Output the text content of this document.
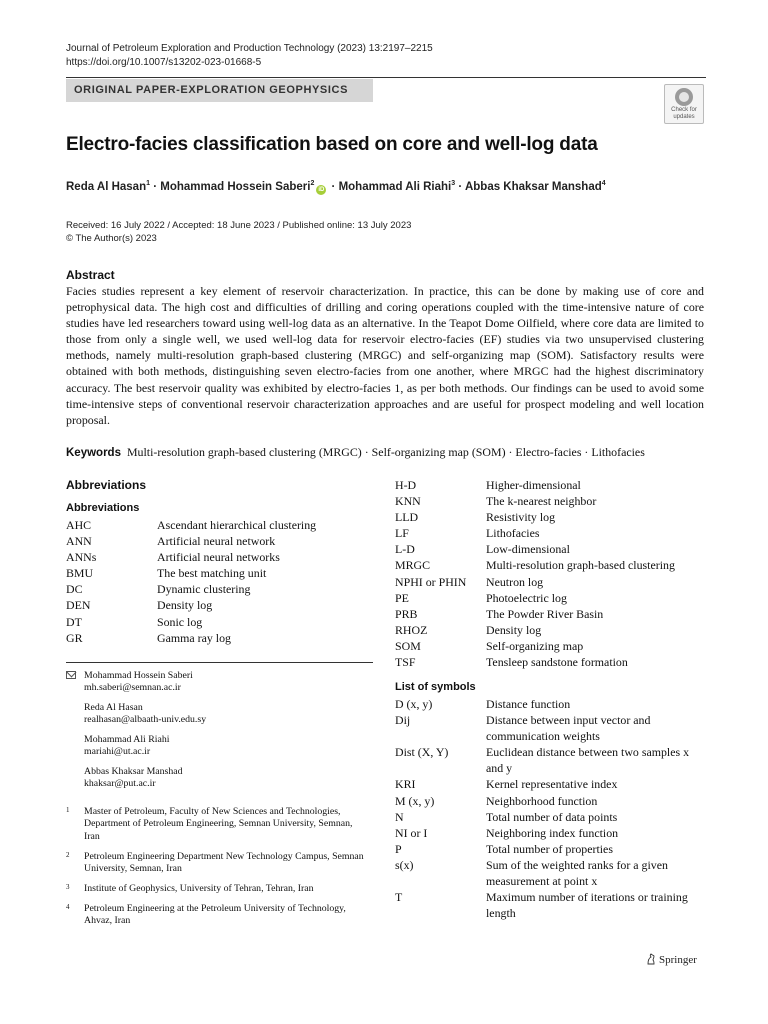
Journal of Petroleum Exploration and Production Technology (2023) 13:2197–2215
https://doi.org/10.1007/s13202-023-01668-5
ORIGINAL PAPER-EXPLORATION GEOPHYSICS
Check for
updates
Electro-facies classification based on core and well-log data
Reda Al Hasan$^1$ · Mohammad Hossein Saberi$^2$iD · Mohammad Ali Riahi$^3$ · Abbas Khaksar Manshad$^4$
Received: 16 July 2022 / Accepted: 18 June 2023 / Published online: 13 July 2023
© The Author(s) 2023
Abstract
Facies studies represent a key element of reservoir characterization. In practice, this can be done by making use of core and petrophysical data. The high cost and difficulties of drilling and coring operations coupled with the time-intensive nature of core studies have led researchers toward using well-log data as an alternative. In the Teapot Dome Oilfield, where core data are limited to those from only a single well, we used well-log data for reservoir electro-facies (EF) studies via two unsupervised clustering methods, namely multi-resolution graph-based clustering (MRGC) and self-organizing map (SOM). Satisfactory results were obtained with both methods, distinguishing seven electro-facies from one another, where MRGC had the highest discriminatory accuracy. The best reservoir quality was exhibited by electro-facies 1, as per both methods. Our findings can be used to avoid some time-intensive steps of conventional reservoir characterization approaches and are useful for prospect modeling and well location proposal.
Keywords Multi-resolution graph-based clustering (MRGC) · Self-organizing map (SOM) · Electro-facies · Lithofacies
Abbreviations
Abbreviations
AHC	Ascendant hierarchical clustering
ANN	Artificial neural network
ANNs	Artificial neural networks
BMU	The best matching unit
DC	Dynamic clustering
DEN	Density log
DT	Sonic log
GR	Gamma ray log
H-D	Higher-dimensional
KNN	The k-nearest neighbor
LLD	Resistivity log
LF	Lithofacies
L-D	Low-dimensional
MRGC	Multi-resolution graph-based clustering
NPHI or PHIN	Neutron log
PE	Photoelectric log
PRB	The Powder River Basin
RHOZ	Density log
SOM	Self-organizing map
TSF	Tensleep sandstone formation
List of symbols
D (x, y)	Distance function
Dij	Distance between input vector and communication weights
Dist (X, Y)	Euclidean distance between two samples x and y
KRI	Kernel representative index
M (x, y)	Neighborhood function
N	Total number of data points
NI or I	Neighboring index function
P	Total number of properties
s(x)	Sum of the weighted ranks for a given measurement at point x
T	Maximum number of iterations or training length
Mohammad Hossein Saberi
mh.saberi@semnan.ac.ir
Reda Al Hasan
realhasan@albaath-univ.edu.sy
Mohammad Ali Riahi
mariahi@ut.ac.ir
Abbas Khaksar Manshad
khaksar@put.ac.ir
1 Master of Petroleum, Faculty of New Sciences and Technologies, Department of Petroleum Engineering, Semnan University, Semnan, Iran
2 Petroleum Engineering Department New Technology Campus, Semnan University, Semnan, Iran
3 Institute of Geophysics, University of Tehran, Tehran, Iran
4 Petroleum Engineering at the Petroleum University of Technology, Ahvaz, Iran
Springer
